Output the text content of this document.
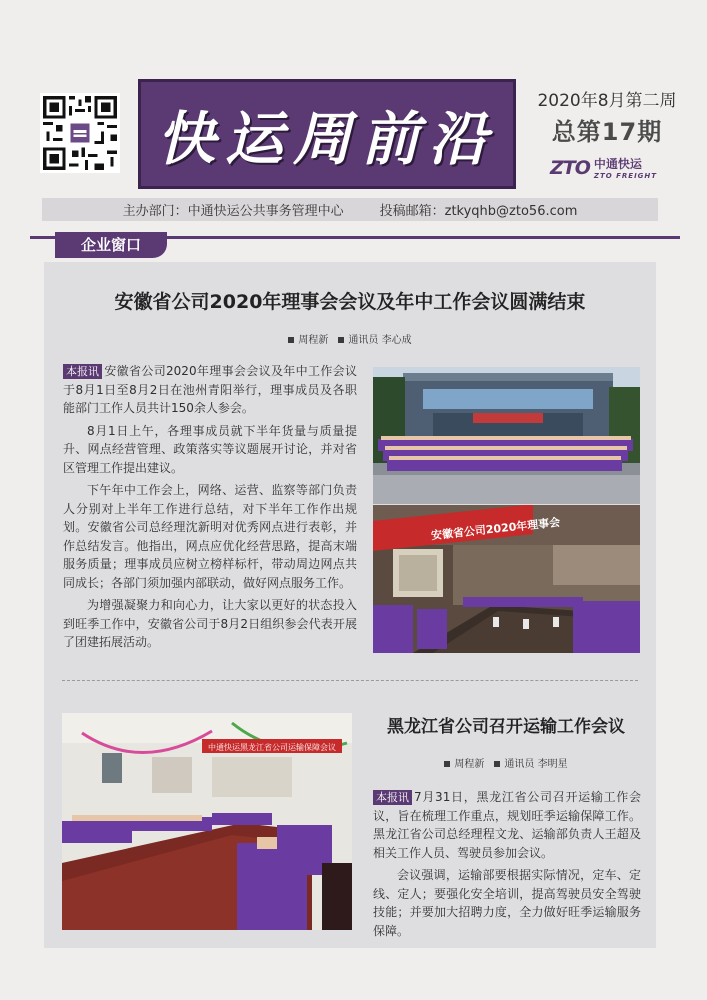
快运周前沿
2020年8月第二周
总第17期
ZTO 中通快运
ZTO FREIGHT
主办部门：中通快运公共事务管理中心	投稿邮箱：ztkyqhb@zto56.com
企业窗口
安徽省公司2020年理事会会议及年中工作会议圆满结束
周程新	通讯员 李心成

本报讯 安徽省公司2020年理事会会议及年中工作会议于8月1日至8月2日在池州青阳举行，理事成员及各职能部门工作人员共计150余人参会。

8月1日上午，各理事成员就下半年货量与质量提升、网点经营管理、政策落实等议题展开讨论，并对省区管理工作提出建议。

下午年中工作会上，网络、运营、监察等部门负责人分别对上半年工作进行总结，对下半年工作作出规划。安徽省公司总经理沈新明对优秀网点进行表彰，并作总结发言。他指出，网点应优化经营思路，提高末端服务质量；理事成员应树立榜样标杆，带动周边网点共同成长；各部门须加强内部联动，做好网点服务工作。

为增强凝聚力和向心力，让大家以更好的状态投入到旺季工作中，安徽省公司于8月2日组织参会代表开展了团建拓展活动。

安徽省公司2020年理事会
中通快运黑龙江省公司运输保障会议
黑龙江省公司召开运输工作会议
周程新	通讯员 李明星

本报讯 7月31日，黑龙江省公司召开运输工作会议，旨在梳理工作重点，规划旺季运输保障工作。黑龙江省公司总经理程文龙、运输部负责人王超及相关工作人员、驾驶员参加会议。

会议强调，运输部要根据实际情况，定车、定线、定人；要强化安全培训，提高驾驶员安全驾驶技能；并要加大招聘力度，全力做好旺季运输服务保障。
